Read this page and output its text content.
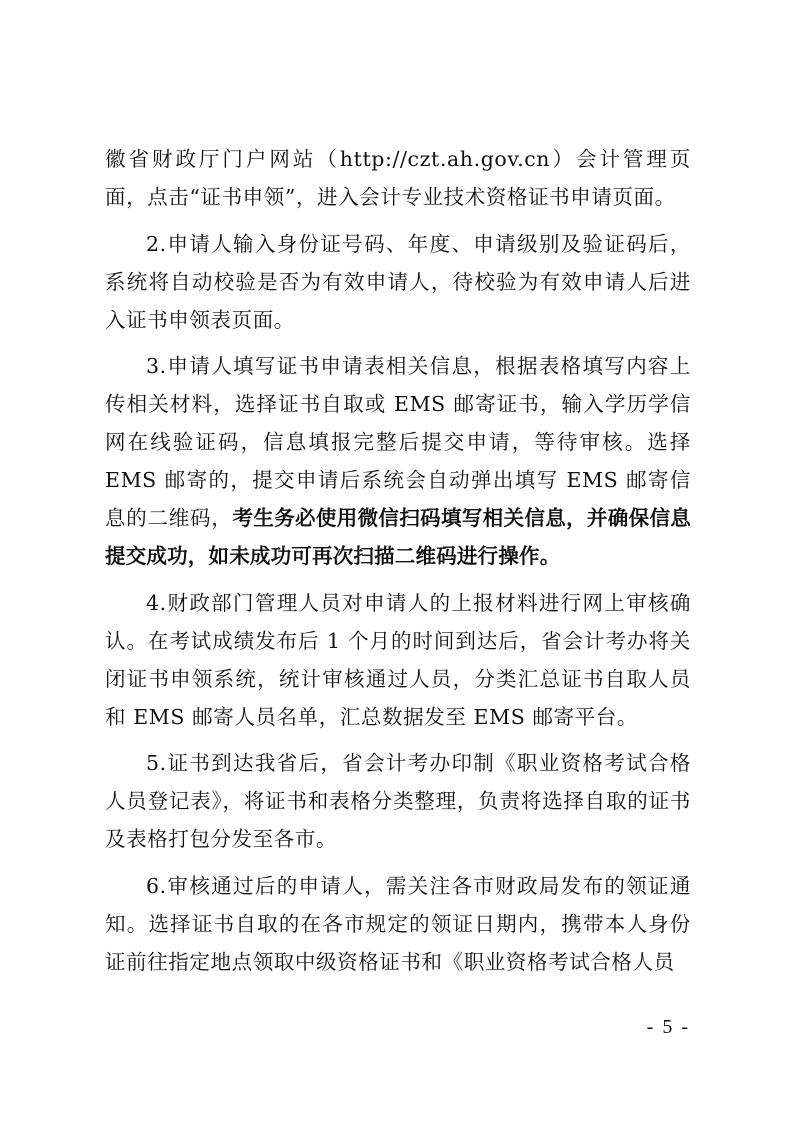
徽省财政厅门户网站（http://czt.ah.gov.cn）会计管理页面，点击“证书申领”，进入会计专业技术资格证书申请页面。

2.申请人输入身份证号码、年度、申请级别及验证码后，系统将自动校验是否为有效申请人，待校验为有效申请人后进入证书申领表页面。

3.申请人填写证书申请表相关信息，根据表格填写内容上传相关材料，选择证书自取或 EMS 邮寄证书，输入学历学信网在线验证码，信息填报完整后提交申请，等待审核。选择 EMS 邮寄的，提交申请后系统会自动弹出填写 EMS 邮寄信息的二维码，考生务必使用微信扫码填写相关信息，并确保信息提交成功，如未成功可再次扫描二维码进行操作。

4.财政部门管理人员对申请人的上报材料进行网上审核确认。在考试成绩发布后 1 个月的时间到达后，省会计考办将关闭证书申领系统，统计审核通过人员，分类汇总证书自取人员和 EMS 邮寄人员名单，汇总数据发至 EMS 邮寄平台。

5.证书到达我省后，省会计考办印制《职业资格考试合格人员登记表》，将证书和表格分类整理，负责将选择自取的证书及表格打包分发至各市。

6.审核通过后的申请人，需关注各市财政局发布的领证通知。选择证书自取的在各市规定的领证日期内，携带本人身份证前往指定地点领取中级资格证书和《职业资格考试合格人员

- 5 -
